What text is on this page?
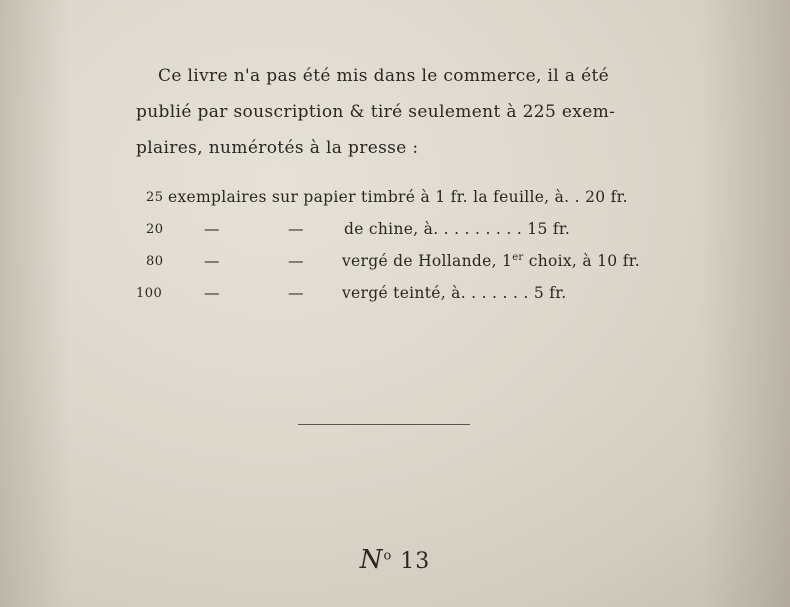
Ce livre n'a pas été mis dans le commerce, il a été
publié par souscription & tiré seulement à 225 exem-
plaires, numérotés à la presse :

25 exemplaires sur papier timbré à 1 fr. la feuille, à. . 20 fr.
20	—	—	de chine, à. . . . . . . . . 15 fr.
80	—	— vergé de Hollande, 1er choix, à 10 fr.
100	—	— vergé teinté, à. . . . . . . 5 fr.
$N^o$ 13
